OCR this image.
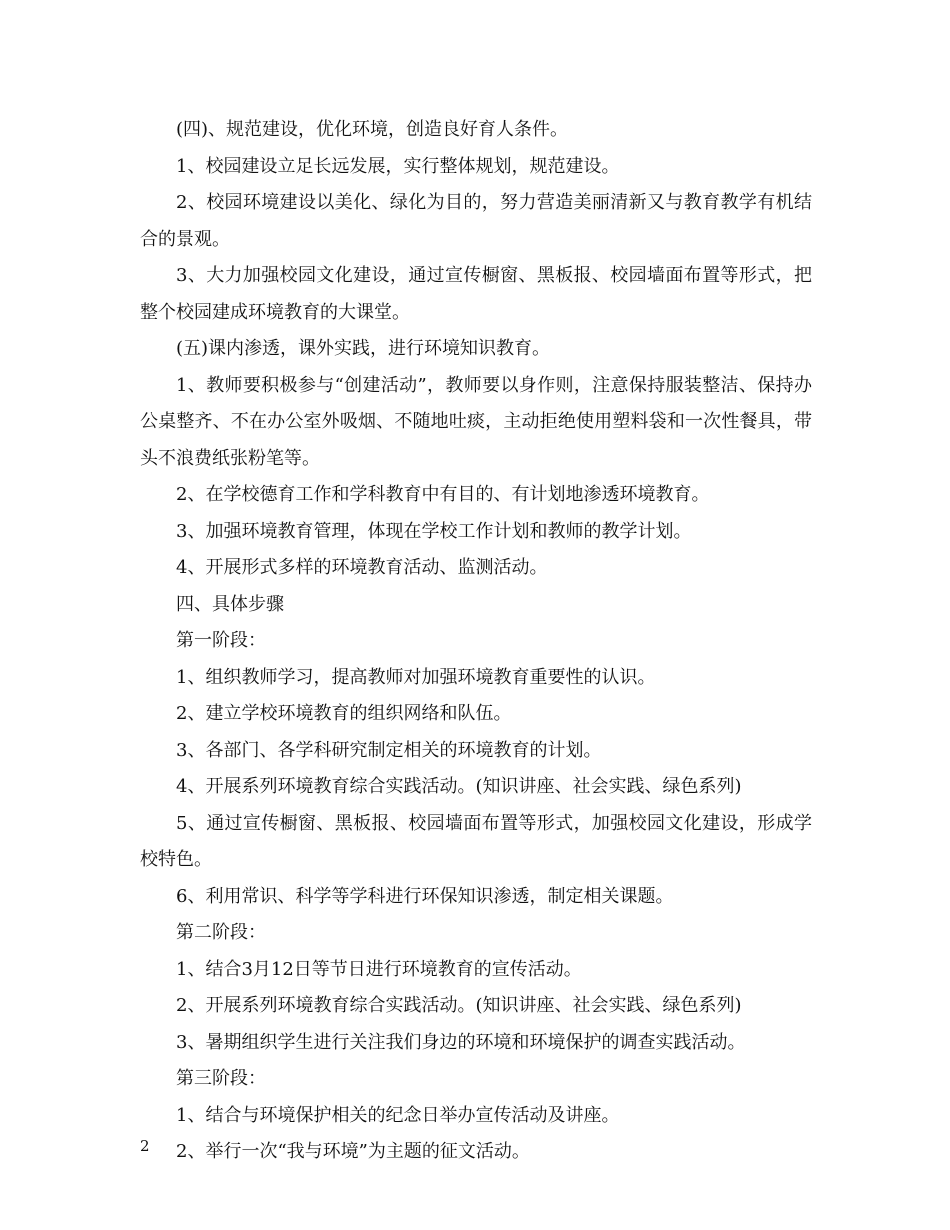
(四)、规范建设，优化环境，创造良好育人条件。

1、校园建设立足长远发展，实行整体规划，规范建设。

2、校园环境建设以美化、绿化为目的，努力营造美丽清新又与教育教学有机结合的景观。

3、大力加强校园文化建设，通过宣传橱窗、黑板报、校园墙面布置等形式，把整个校园建成环境教育的大课堂。

(五)课内渗透，课外实践，进行环境知识教育。

1、教师要积极参与“创建活动”，教师要以身作则，注意保持服装整洁、保持办公桌整齐、不在办公室外吸烟、不随地吐痰，主动拒绝使用塑料袋和一次性餐具，带头不浪费纸张粉笔等。

2、在学校德育工作和学科教育中有目的、有计划地渗透环境教育。

3、加强环境教育管理，体现在学校工作计划和教师的教学计划。

4、开展形式多样的环境教育活动、监测活动。

四、具体步骤

第一阶段：

1、组织教师学习，提高教师对加强环境教育重要性的认识。

2、建立学校环境教育的组织网络和队伍。

3、各部门、各学科研究制定相关的环境教育的计划。

4、开展系列环境教育综合实践活动。(知识讲座、社会实践、绿色系列)

5、通过宣传橱窗、黑板报、校园墙面布置等形式，加强校园文化建设，形成学校特色。

6、利用常识、科学等学科进行环保知识渗透，制定相关课题。

第二阶段：

1、结合3月12日等节日进行环境教育的宣传活动。

2、开展系列环境教育综合实践活动。(知识讲座、社会实践、绿色系列)

3、暑期组织学生进行关注我们身边的环境和环境保护的调查实践活动。

第三阶段：

1、结合与环境保护相关的纪念日举办宣传活动及讲座。

2、举行一次“我与环境”为主题的征文活动。

2
